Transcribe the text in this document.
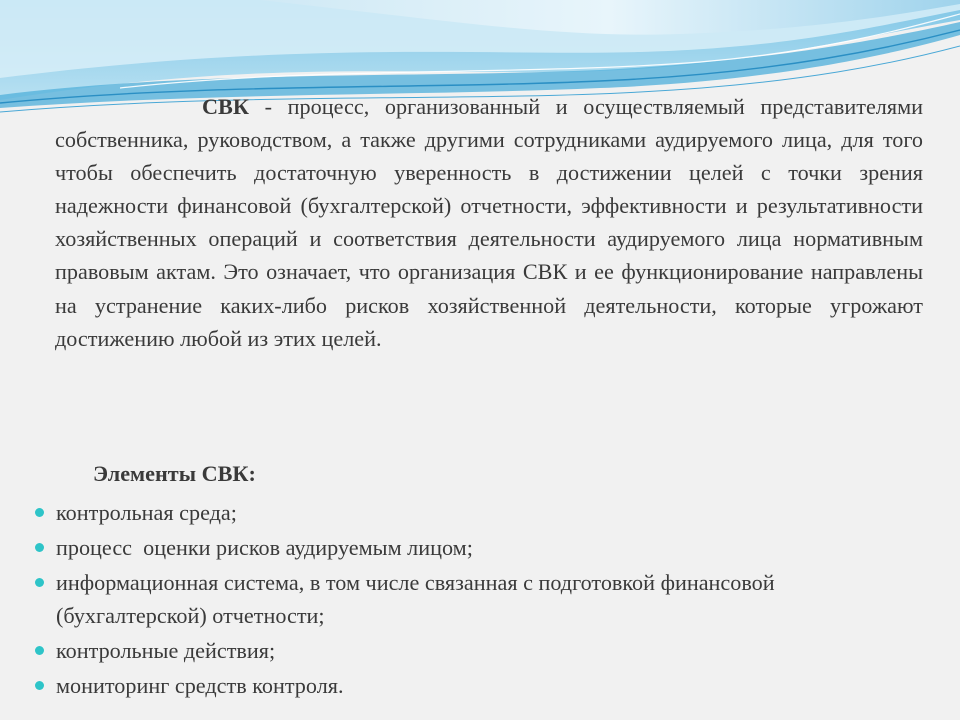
СВК - процесс, организованный и осуществляемый представителями собственника, руководством, а также другими сотрудниками аудируемого лица, для того чтобы обеспечить достаточную уверенность в достижении целей с точки зрения надежности финансовой (бухгалтерской) отчетности, эффективности и результативности хозяйственных операций и соответствия деятельности аудируемого лица нормативным правовым актам. Это означает, что организация СВК и ее функционирование направлены на устранение каких-либо рисков хозяйственной деятельности, которые угрожают достижению любой из этих целей.

Элементы СВК:

контрольная среда;
процесс  оценки рисков аудируемым лицом;
информационная система, в том числе связанная с подготовкой финансовой (бухгалтерской) отчетности;
контрольные действия;
мониторинг средств контроля.
